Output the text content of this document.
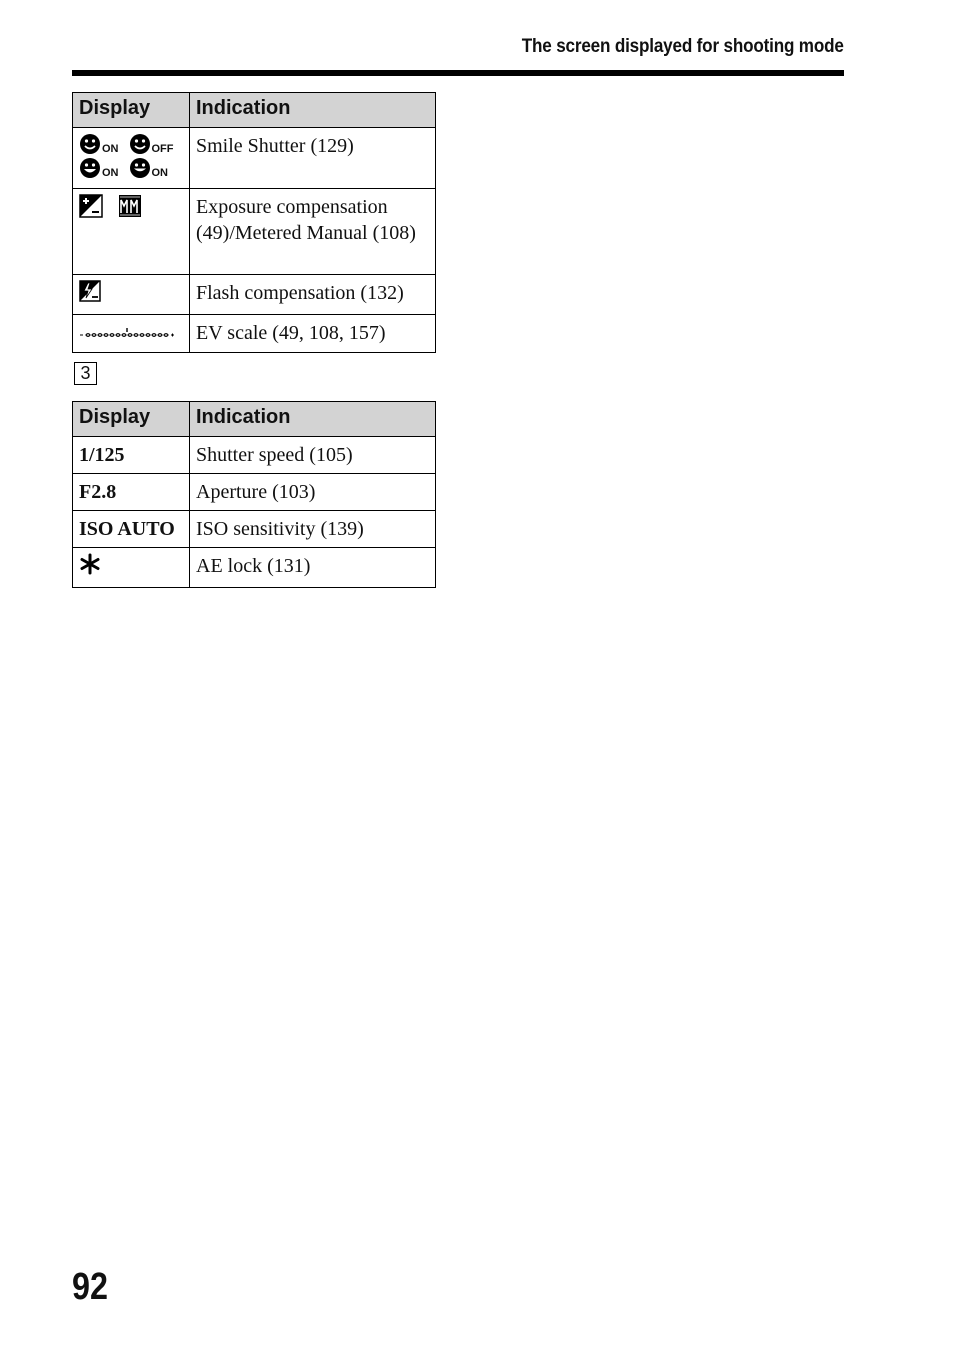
The screen displayed for shooting mode
Display	Indication

ON OFF
ON ON	Smile Shutter (129)
	Exposure compensation (49)/Metered Manual (108)
	Flash compensation (132)
	EV scale (49, 108, 157)
3
Display	Indication
1/125	Shutter speed (105)
F2.8	Aperture (103)
ISO AUTO	ISO sensitivity (139)
	AE lock (131)
92
